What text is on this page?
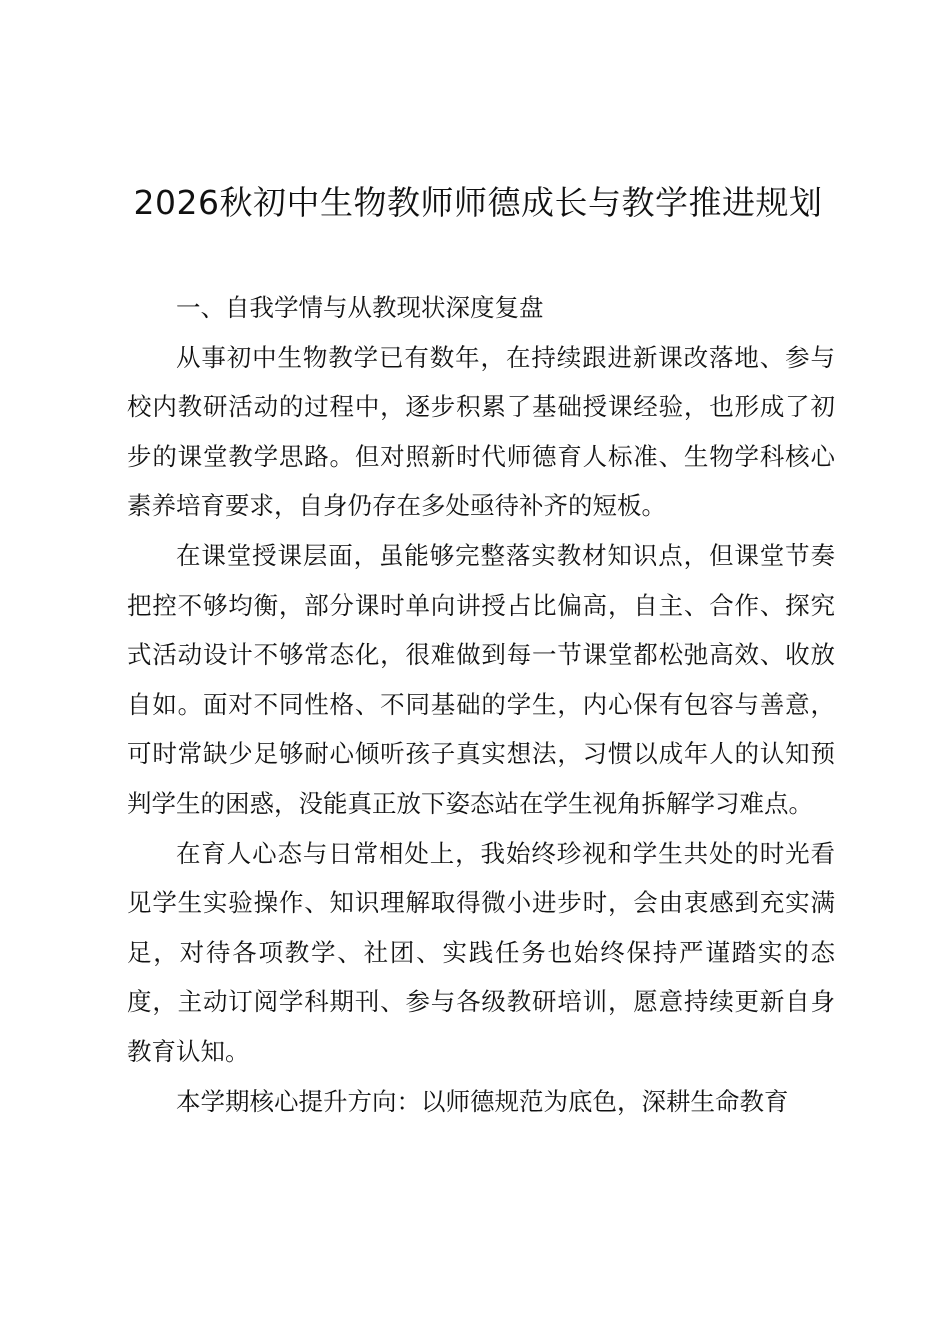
2026秋初中生物教师师德成长与教学推进规划

一、自我学情与从教现状深度复盘

从事初中生物教学已有数年，在持续跟进新课改落地、参与校内教研活动的过程中，逐步积累了基础授课经验，也形成了初步的课堂教学思路。但对照新时代师德育人标准、生物学科核心素养培育要求，自身仍存在多处亟待补齐的短板。

在课堂授课层面，虽能够完整落实教材知识点，但课堂节奏把控不够均衡，部分课时单向讲授占比偏高，自主、合作、探究式活动设计不够常态化，很难做到每一节课堂都松弛高效、收放自如。面对不同性格、不同基础的学生，内心保有包容与善意，可时常缺少足够耐心倾听孩子真实想法，习惯以成年人的认知预判学生的困惑，没能真正放下姿态站在学生视角拆解学习难点。

在育人心态与日常相处上，我始终珍视和学生共处的时光看见学生实验操作、知识理解取得微小进步时，会由衷感到充实满足，对待各项教学、社团、实践任务也始终保持严谨踏实的态度，主动订阅学科期刊、参与各级教研培训，愿意持续更新自身教育认知。

本学期核心提升方向：以师德规范为底色，深耕生命教育
